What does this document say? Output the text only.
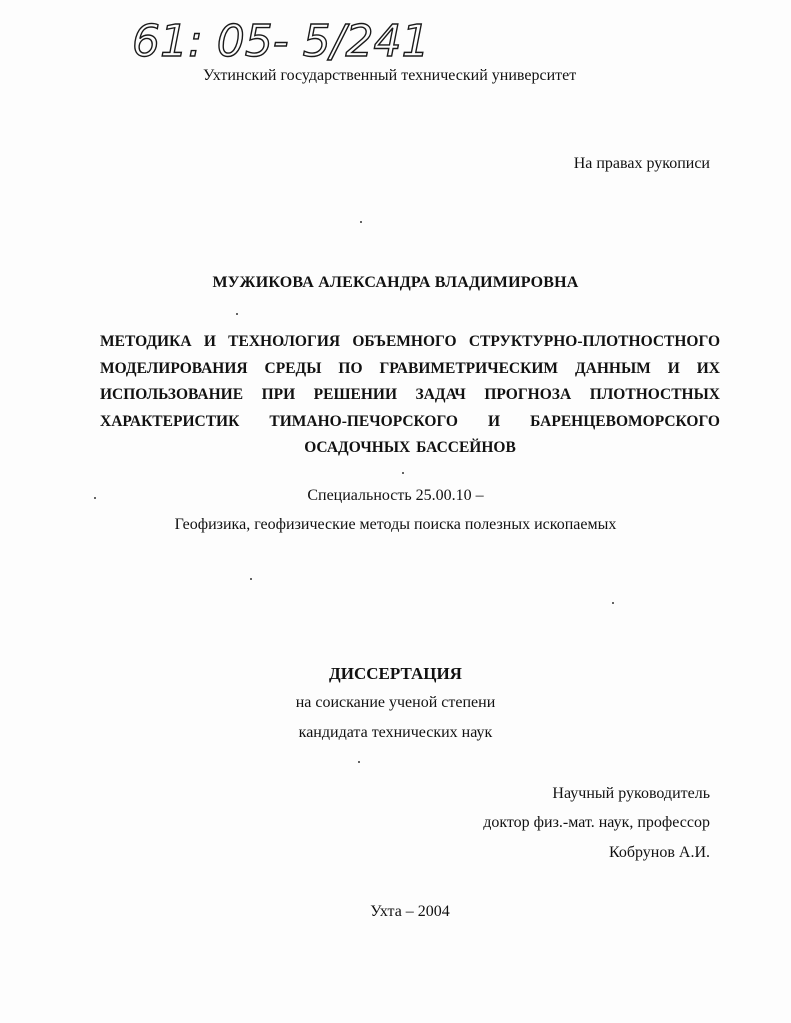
61: 05- 5/241
Ухтинский государственный технический университет
На правах рукописи
МУЖИКОВА АЛЕКСАНДРА ВЛАДИМИРОВНА
МЕТОДИКА И ТЕХНОЛОГИЯ ОБЪЕМНОГО СТРУКТУРНО-ПЛОТНОСТНОГО
МОДЕЛИРОВАНИЯ СРЕДЫ ПО ГРАВИМЕТРИЧЕСКИМ ДАННЫМ И ИХ
ИСПОЛЬЗОВАНИЕ ПРИ РЕШЕНИИ ЗАДАЧ ПРОГНОЗА ПЛОТНОСТНЫХ
ХАРАКТЕРИСТИК ТИМАНО-ПЕЧОРСКОГО И БАРЕНЦЕВОМОРСКОГО
ОСАДОЧНЫХ БАССЕЙНОВ
Специальность 25.00.10 –
Геофизика, геофизические методы поиска полезных ископаемых
ДИССЕРТАЦИЯ
на соискание ученой степени
кандидата технических наук
Научный руководитель
доктор физ.-мат. наук, профессор
Кобрунов А.И.
Ухта – 2004
